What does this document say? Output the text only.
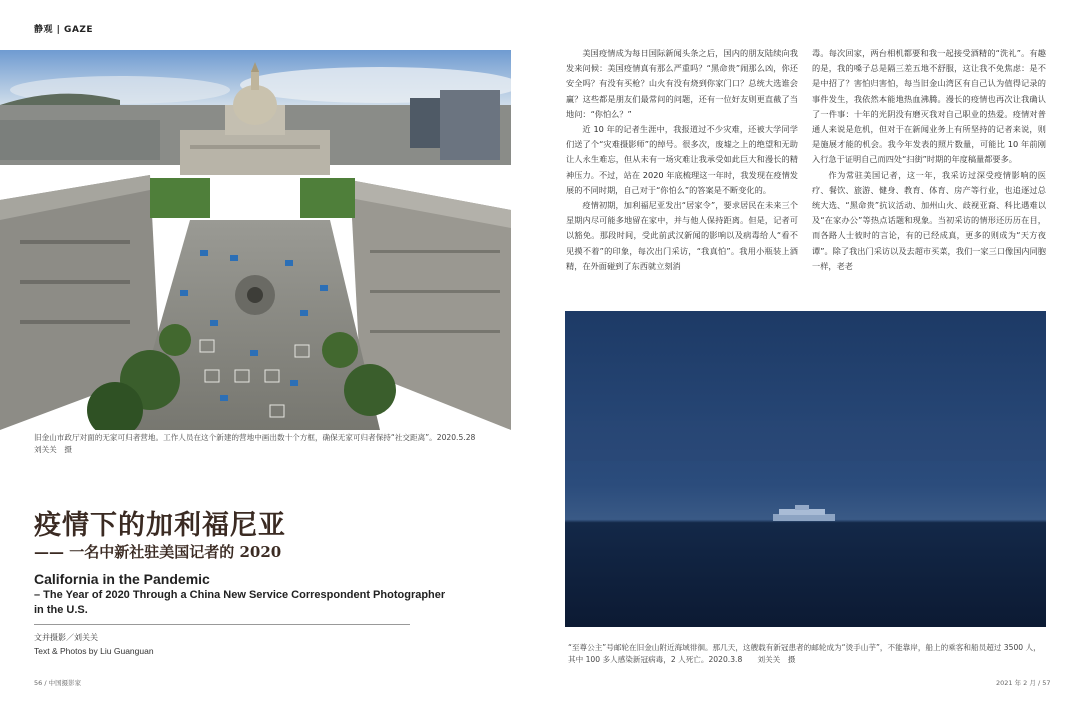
静观 | GAZE
旧金山市政厅对面的无家可归者营地。工作人员在这个新建的营地中画出数十个方框，确保无家可归者保持“社交距离”。2020.5.28
刘关关　摄
疫情下的加利福尼亚
—— 一名中新社驻美国记者的 2020
California in the Pandemic
– The Year of 2020 Through a China New Service Correspondent Photographer in the U.S.
文并摄影／刘关关
Text & Photos by Liu Guanguan

美国疫情成为每日国际新闻头条之后，国内的朋友陆续向我发来问候：美国疫情真有那么严重吗？“黑命贵”闹那么凶，你还安全吗？有没有买枪？山火有没有烧到你家门口？总统大选谁会赢？这些都是朋友们最常问的问题，还有一位好友则更直截了当地问：“你怕么？”

近 10 年的记者生涯中，我报道过不少灾难，还被大学同学们送了个“灾难摄影师”的绰号。很多次，废墟之上的绝望和无助让人永生难忘，但从未有一场灾难让我承受如此巨大和漫长的精神压力。不过，站在 2020 年底梳理这一年时，我发现在疫情发展的不同时期，自己对于“你怕么”的答案是不断变化的。

疫情初期，加利福尼亚发出“居家令”，要求居民在未来三个星期内尽可能多地留在家中，并与他人保持距离。但是，记者可以豁免。那段时间，受此前武汉新闻的影响以及病毒给人“看不见摸不着”的印象，每次出门采访，“我真怕”。我用小瓶装上酒精，在外面碰到了东西就立刻消

毒。每次回家，两台相机都要和我一起接受酒精的“洗礼”。有趣的是，我的嗓子总是隔三差五地不舒服，这让我不免焦虑：是不是中招了？害怕归害怕，每当旧金山湾区有自己认为值得记录的事件发生，我依然本能地热血沸腾。漫长的疫情也再次让我确认了一件事：十年的光阴没有磨灭我对自己职业的热爱。疫情对普通人来说是危机，但对于在新闻业务上有所坚持的记者来说，则是施展才能的机会。我今年发表的照片数量，可能比 10 年前刚入行急于证明自己而四处“扫街”时期的年度稿量都要多。

作为常驻美国记者，这一年，我采访过深受疫情影响的医疗、餐饮、旅游、健身、教育、体育、房产等行业，也追逐过总统大选、“黑命贵”抗议活动、加州山火、歧视亚裔、科比遇难以及“在家办公”等热点话题和现象。当初采访的情形还历历在目，而各路人士彼时的言论，有的已经成真，更多的则成为“天方夜谭”。除了我出门采访以及去超市买菜，我们一家三口像国内同胞一样，老老

“至尊公主”号邮轮在旧金山附近海域徘徊。那几天，这艘载有新冠患者的邮轮成为“烫手山芋”，不能靠岸，船上的乘客和船员超过 3500 人，其中 100 多人感染新冠病毒，2 人死亡。2020.3.8　　刘关关　摄
56 / 中国摄影家	2021 年 2 月 / 57
